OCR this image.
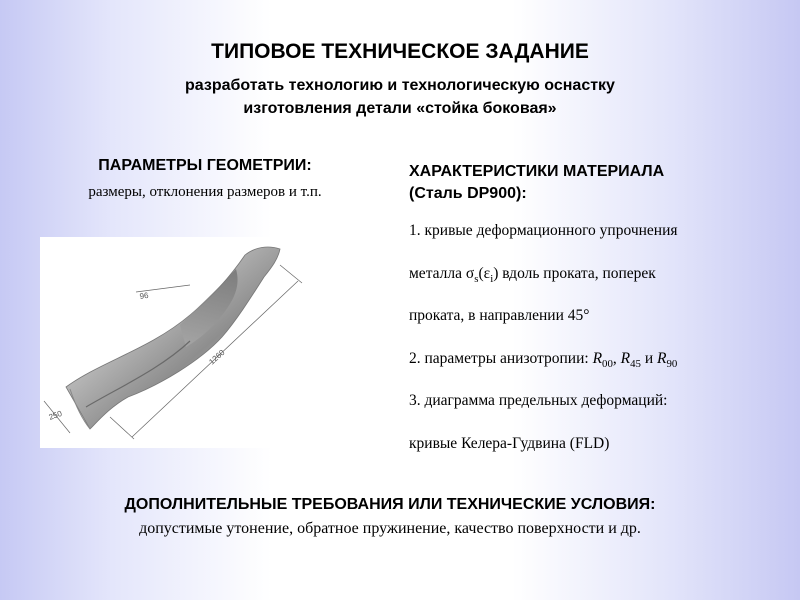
ТИПОВОЕ ТЕХНИЧЕСКОЕ ЗАДАНИЕ
разработать технологию и технологическую оснастку
изготовления детали «стойка боковая»
ПАРАМЕТРЫ ГЕОМЕТРИИ:
размеры, отклонения размеров и т.п.
96
1260
250
ХАРАКТЕРИСТИКИ МАТЕРИАЛА
(Сталь DP900):
1. кривые деформационного упрочнения
металла $\sigma_s(\varepsilon_i)$ вдоль проката, поперек
проката, в направлении 45°
2. параметры анизотропии: $R_{00}$, $R_{45}$ и $R_{90}$
3. диаграмма предельных деформаций:
кривые Келера-Гудвина (FLD)
ДОПОЛНИТЕЛЬНЫЕ ТРЕБОВАНИЯ ИЛИ ТЕХНИЧЕСКИЕ УСЛОВИЯ:
допустимые утонение, обратное пружинение, качество поверхности и др.
